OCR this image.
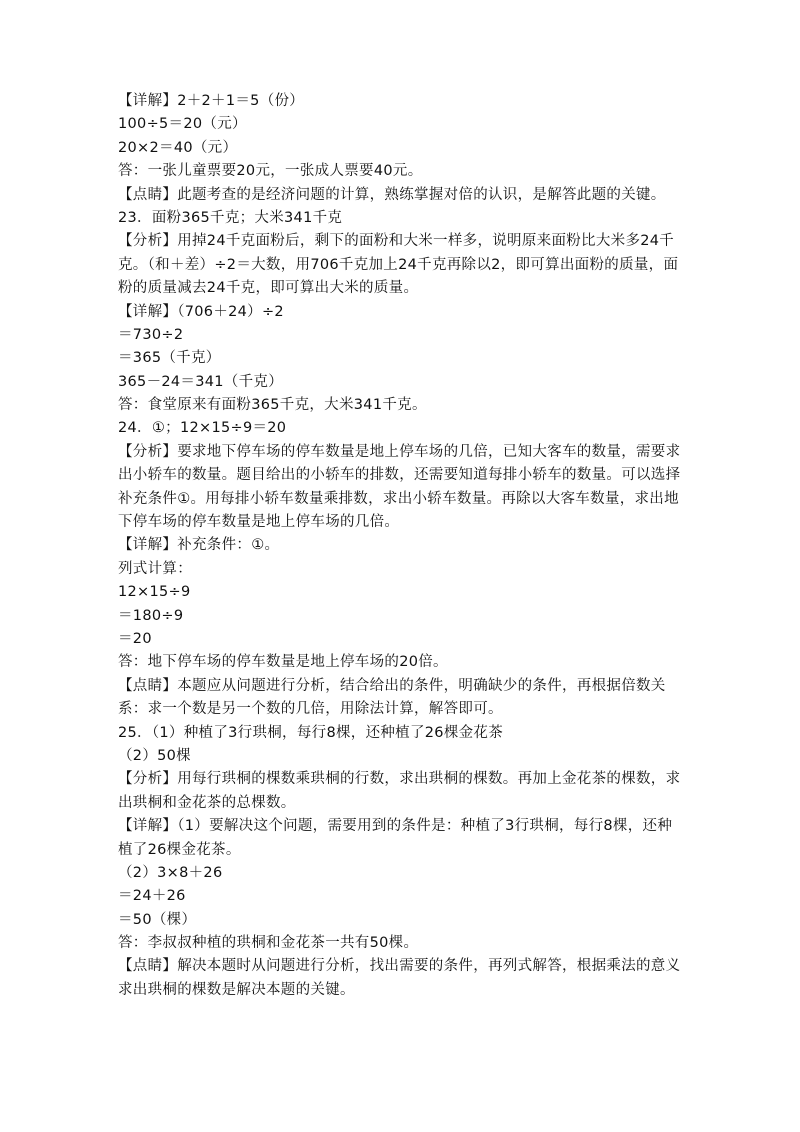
【详解】2＋2＋1＝5（份）
100÷5＝20（元）
20×2＝40（元）
答：一张儿童票要20元，一张成人票要40元。
【点睛】此题考查的是经济问题的计算，熟练掌握对倍的认识，是解答此题的关键。
23．面粉365千克；大米341千克
【分析】用掉24千克面粉后，剩下的面粉和大米一样多，说明原来面粉比大米多24千
克。（和＋差）÷2＝大数，用706千克加上24千克再除以2，即可算出面粉的质量，面
粉的质量减去24千克，即可算出大米的质量。
【详解】（706＋24）÷2
＝730÷2
＝365（千克）
365－24＝341（千克）
答：食堂原来有面粉365千克，大米341千克。
24．①；12×15÷9＝20
【分析】要求地下停车场的停车数量是地上停车场的几倍，已知大客车的数量，需要求
出小轿车的数量。题目给出的小轿车的排数，还需要知道每排小轿车的数量。可以选择
补充条件①。用每排小轿车数量乘排数，求出小轿车数量。再除以大客车数量，求出地
下停车场的停车数量是地上停车场的几倍。
【详解】补充条件：①。
列式计算：
12×15÷9
＝180÷9
＝20
答：地下停车场的停车数量是地上停车场的20倍。
【点睛】本题应从问题进行分析，结合给出的条件，明确缺少的条件，再根据倍数关
系：求一个数是另一个数的几倍，用除法计算，解答即可。
25．（1）种植了3行珙桐，每行8棵，还种植了26棵金花茶
（2）50棵
【分析】用每行珙桐的棵数乘珙桐的行数，求出珙桐的棵数。再加上金花茶的棵数，求
出珙桐和金花茶的总棵数。
【详解】（1）要解决这个问题，需要用到的条件是：种植了3行珙桐，每行8棵，还种
植了26棵金花茶。
（2）3×8＋26
＝24＋26
＝50（棵）
答：李叔叔种植的珙桐和金花茶一共有50棵。
【点睛】解决本题时从问题进行分析，找出需要的条件，再列式解答，根据乘法的意义
求出珙桐的棵数是解决本题的关键。
